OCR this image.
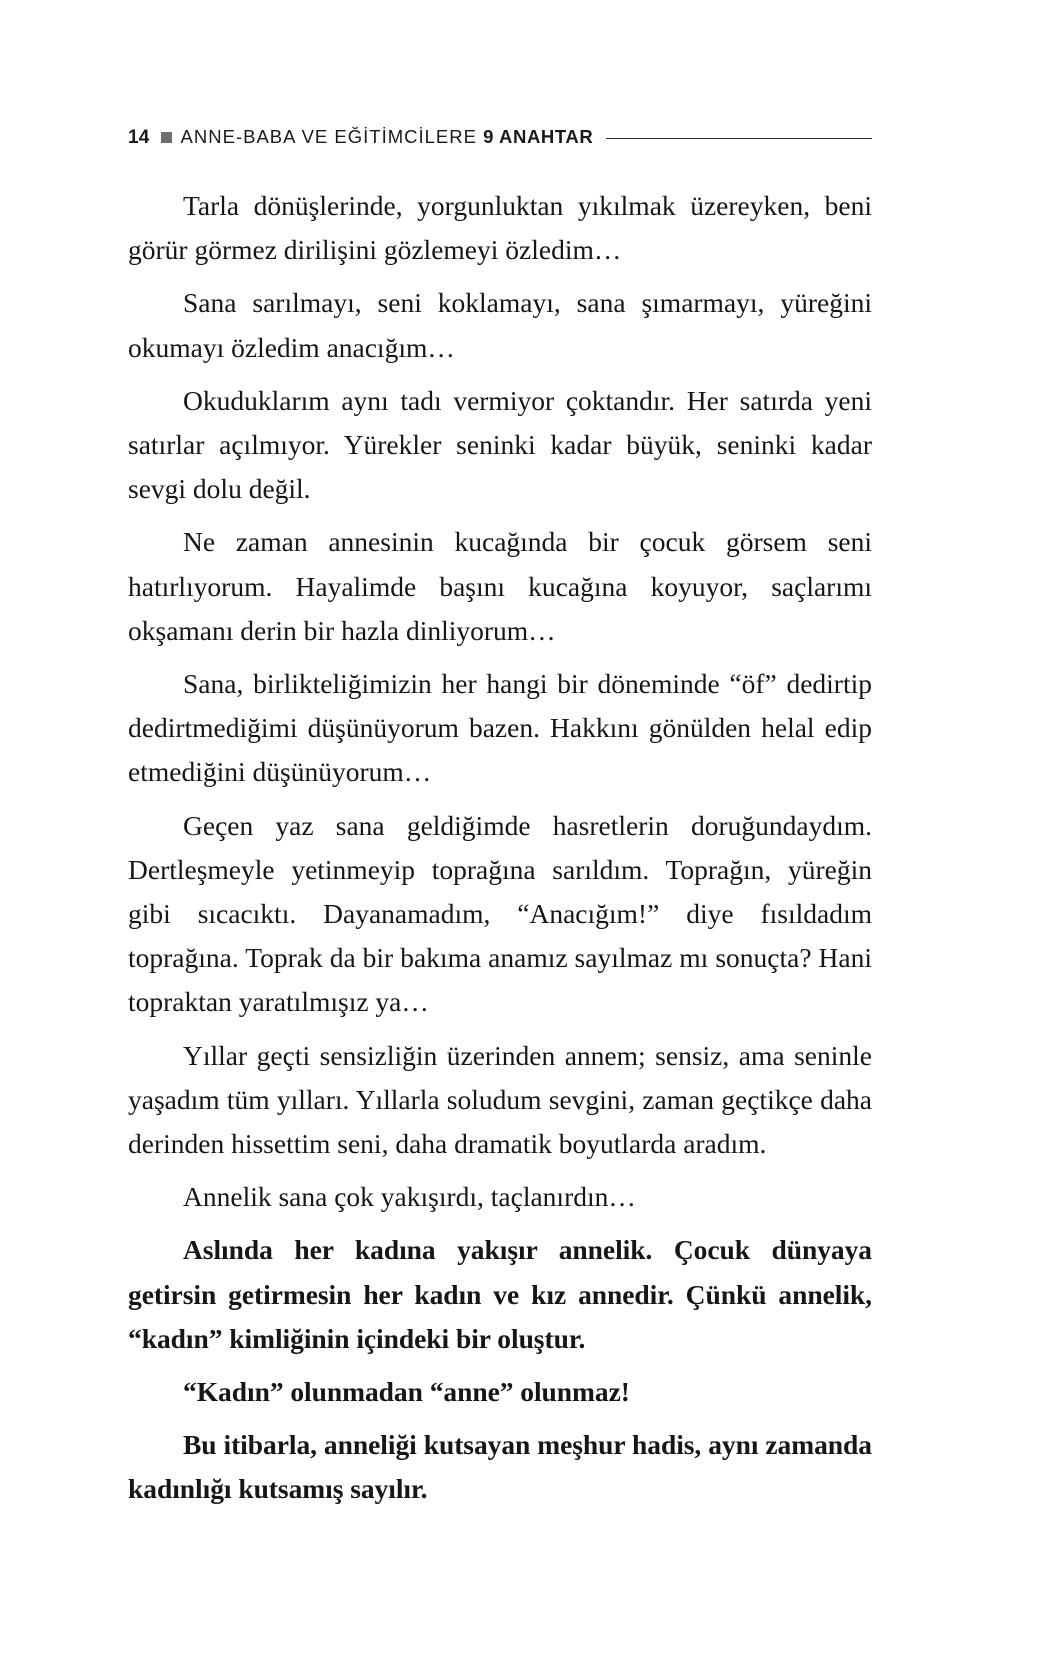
14 ANNE-BABA VE EĞİTİMCİLERE 9 ANAHTAR

Tarla dönüşlerinde, yorgunluktan yıkılmak üzereyken, beni görür görmez dirilişini gözlemeyi özledim…

Sana sarılmayı, seni koklamayı, sana şımarmayı, yüreğini okumayı özledim anacığım…

Okuduklarım aynı tadı vermiyor çoktandır. Her satırda yeni satırlar açılmıyor. Yürekler seninki kadar büyük, seninki kadar sevgi dolu değil.

Ne zaman annesinin kucağında bir çocuk görsem seni hatırlıyorum. Hayalimde başını kucağına koyuyor, saçlarımı okşamanı derin bir hazla dinliyorum…

Sana, birlikteliğimizin her hangi bir döneminde “öf” dedirtip dedirtmediğimi düşünüyorum bazen. Hakkını gönülden helal edip etmediğini düşünüyorum…

Geçen yaz sana geldiğimde hasretlerin doruğundaydım. Dertleşmeyle yetinmeyip toprağına sarıldım. Toprağın, yüreğin gibi sıcacıktı. Dayanamadım, “Anacığım!” diye fısıldadım toprağına. Toprak da bir bakıma anamız sayılmaz mı sonuçta? Hani topraktan yaratılmışız ya…

Yıllar geçti sensizliğin üzerinden annem; sensiz, ama seninle yaşadım tüm yılları. Yıllarla soludum sevgini, zaman geçtikçe daha derinden hissettim seni, daha dramatik boyutlarda aradım.

Annelik sana çok yakışırdı, taçlanırdın…

Aslında her kadına yakışır annelik. Çocuk dünyaya getirsin getirmesin her kadın ve kız annedir. Çünkü annelik, “kadın” kimliğinin içindeki bir oluştur.

“Kadın” olunmadan “anne” olunmaz!

Bu itibarla, anneliği kutsayan meşhur hadis, aynı zamanda kadınlığı kutsamış sayılır.
